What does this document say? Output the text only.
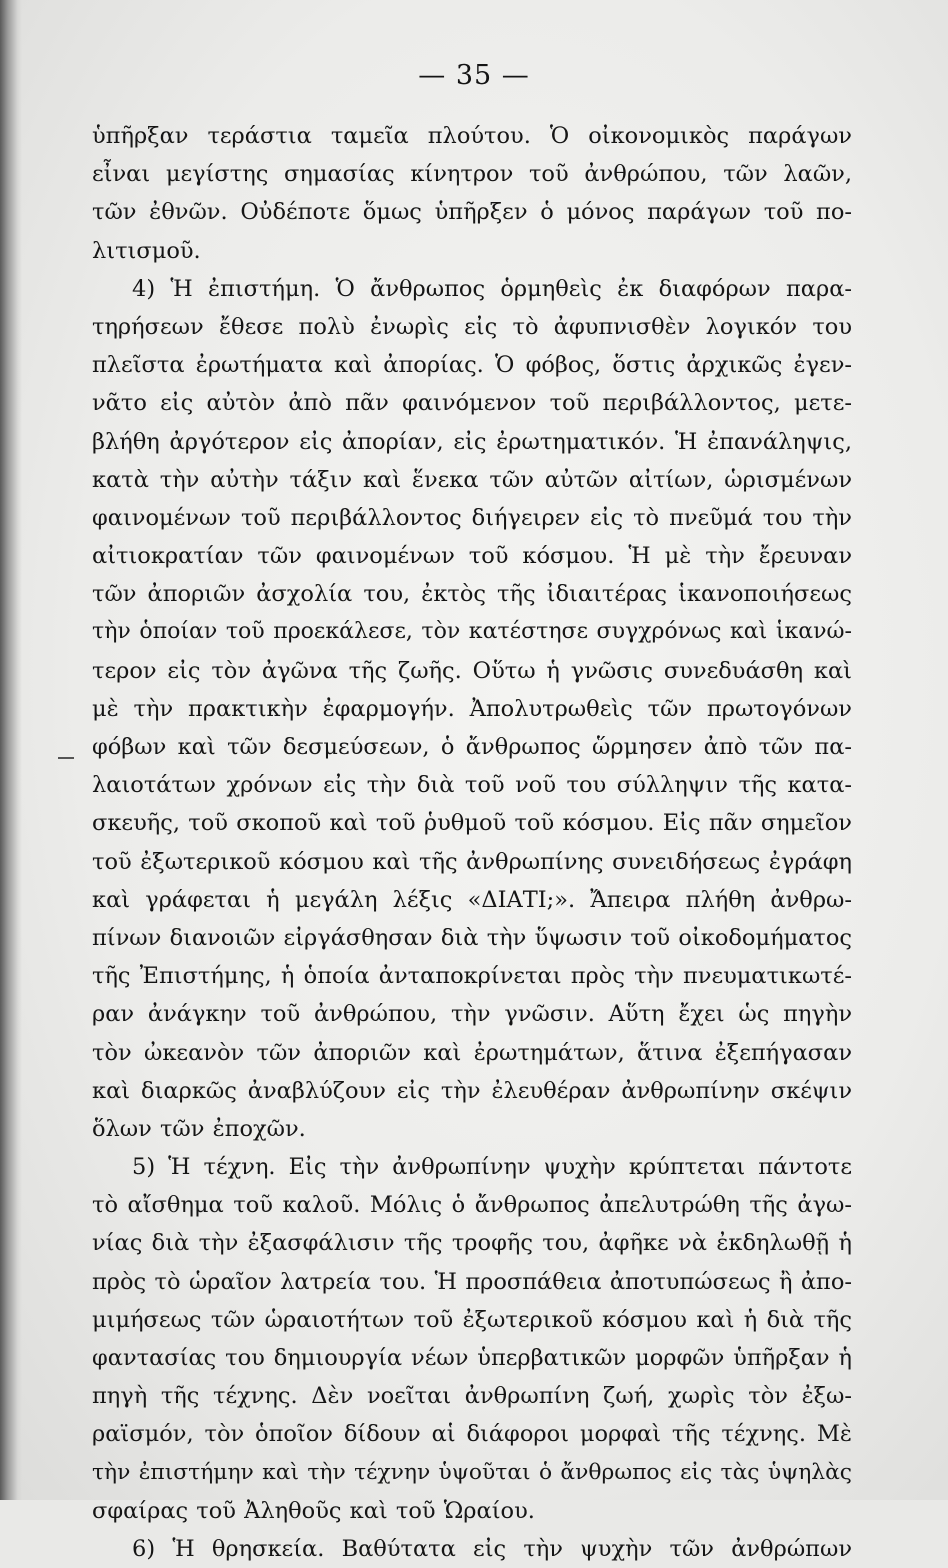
— 35 —
ὑπῆρξαν τεράστια ταμεῖα πλούτου. Ὁ οἰκονομικὸς παράγων
εἶναι μεγίστης σημασίας κίνητρον τοῦ ἀνθρώπου, τῶν λαῶν,
τῶν ἐθνῶν. Οὐδέποτε ὅμως ὑπῆρξεν ὁ μόνος παράγων τοῦ πο-
λιτισμοῦ.
4) Ἡ ἐπιστήμη. Ὁ ἄνθρωπος ὁρμηθεὶς ἐκ διαφόρων παρα-
τηρήσεων ἔθεσε πολὺ ἐνωρὶς εἰς τὸ ἀφυπνισθὲν λογικόν του
πλεῖστα ἐρωτήματα καὶ ἀπορίας. Ὁ φόβος, ὅστις ἀρχικῶς ἐγεν-
νᾶτο εἰς αὐτὸν ἀπὸ πᾶν φαινόμενον τοῦ περιβάλλοντος, μετε-
βλήθη ἀργότερον εἰς ἀπορίαν, εἰς ἐρωτηματικόν. Ἡ ἐπανάληψις,
κατὰ τὴν αὐτὴν τάξιν καὶ ἕνεκα τῶν αὐτῶν αἰτίων, ὡρισμένων
φαινομένων τοῦ περιβάλλοντος διήγειρεν εἰς τὸ πνεῦμά του τὴν
αἰτιοκρατίαν τῶν φαινομένων τοῦ κόσμου. Ἡ μὲ τὴν ἔρευναν
τῶν ἀποριῶν ἀσχολία του, ἐκτὸς τῆς ἰδιαιτέρας ἱκανοποιήσεως
τὴν ὁποίαν τοῦ προεκάλεσε, τὸν κατέστησε συγχρόνως καὶ ἱκανώ-
τερον εἰς τὸν ἀγῶνα τῆς ζωῆς. Οὕτω ἡ γνῶσις συνεδυάσθη καὶ
μὲ τὴν πρακτικὴν ἐφαρμογήν. Ἀπολυτρωθεὶς τῶν πρωτογόνων
φόβων καὶ τῶν δεσμεύσεων, ὁ ἄνθρωπος ὥρμησεν ἀπὸ τῶν πα-
λαιοτάτων χρόνων εἰς τὴν διὰ τοῦ νοῦ του σύλληψιν τῆς κατα-
σκευῆς, τοῦ σκοποῦ καὶ τοῦ ῥυθμοῦ τοῦ κόσμου. Εἰς πᾶν σημεῖον
τοῦ ἐξωτερικοῦ κόσμου καὶ τῆς ἀνθρωπίνης συνειδήσεως ἐγράφη
καὶ γράφεται ἡ μεγάλη λέξις «ΔΙΑΤΙ;». Ἄπειρα πλήθη ἀνθρω-
πίνων διανοιῶν εἰργάσθησαν διὰ τὴν ὕψωσιν τοῦ οἰκοδομήματος
τῆς Ἐπιστήμης, ἡ ὁποία ἀνταποκρίνεται πρὸς τὴν πνευματικωτέ-
ραν ἀνάγκην τοῦ ἀνθρώπου, τὴν γνῶσιν. Αὕτη ἔχει ὡς πηγὴν
τὸν ὠκεανὸν τῶν ἀποριῶν καὶ ἐρωτημάτων, ἅτινα ἐξεπήγασαν
καὶ διαρκῶς ἀναβλύζουν εἰς τὴν ἐλευθέραν ἀνθρωπίνην σκέψιν
ὅλων τῶν ἐποχῶν.
5) Ἡ τέχνη. Εἰς τὴν ἀνθρωπίνην ψυχὴν κρύπτεται πάντοτε
τὸ αἴσθημα τοῦ καλοῦ. Μόλις ὁ ἄνθρωπος ἀπελυτρώθη τῆς ἀγω-
νίας διὰ τὴν ἐξασφάλισιν τῆς τροφῆς του, ἀφῆκε νὰ ἐκδηλωθῇ ἡ
πρὸς τὸ ὡραῖον λατρεία του. Ἡ προσπάθεια ἀποτυπώσεως ἢ ἀπο-
μιμήσεως τῶν ὡραιοτήτων τοῦ ἐξωτερικοῦ κόσμου καὶ ἡ διὰ τῆς
φαντασίας του δημιουργία νέων ὑπερβατικῶν μορφῶν ὑπῆρξαν ἡ
πηγὴ τῆς τέχνης. Δὲν νοεῖται ἀνθρωπίνη ζωή, χωρὶς τὸν ἐξω-
ραϊσμόν, τὸν ὁποῖον δίδουν αἱ διάφοροι μορφαὶ τῆς τέχνης. Μὲ
τὴν ἐπιστήμην καὶ τὴν τέχνην ὑψοῦται ὁ ἄνθρωπος εἰς τὰς ὑψηλὰς
σφαίρας τοῦ Ἀληθοῦς καὶ τοῦ Ὡραίου.
6) Ἡ θρησκεία. Βαθύτατα εἰς τὴν ψυχὴν τῶν ἀνθρώπων
